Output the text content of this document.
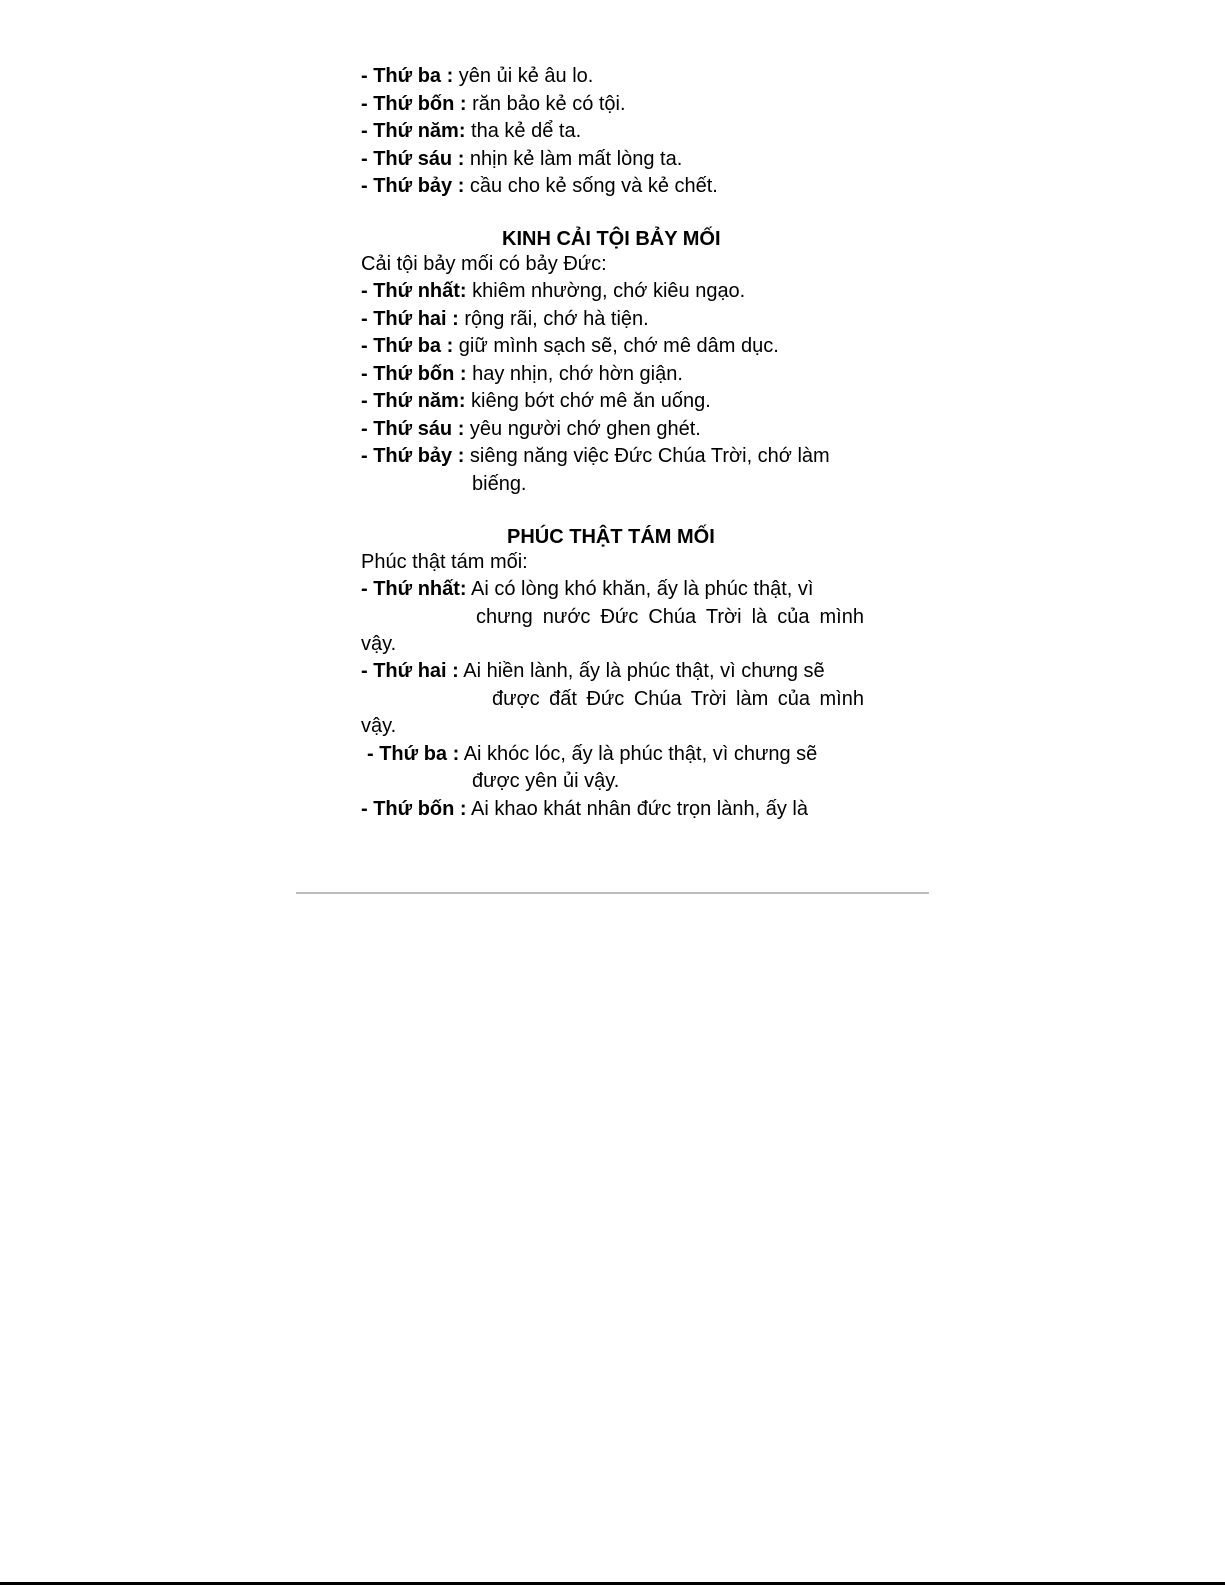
- Thứ ba : yên ủi kẻ âu lo.
- Thứ bốn : răn bảo kẻ có tội.
- Thứ năm: tha kẻ dể ta.
- Thứ sáu : nhịn kẻ làm mất lòng ta.
- Thứ bảy : cầu cho kẻ sống và kẻ chết.
KINH CẢI TỘI BẢY MỐI
Cải tội bảy mối có bảy Đức:
- Thứ nhất: khiêm nhường, chớ kiêu ngạo.
- Thứ hai : rộng rãi, chớ hà tiện.
- Thứ ba : giữ mình sạch sẽ, chớ mê dâm dục.
- Thứ bốn : hay nhịn, chớ hờn giận.
- Thứ năm: kiêng bớt chớ mê ăn uống.
- Thứ sáu : yêu người chớ ghen ghét.
- Thứ bảy : siêng năng việc Đức Chúa Trời, chớ làm
biếng.
PHÚC THẬT TÁM MỐI
Phúc thật tám mối:
- Thứ nhất: Ai có lòng khó khăn, ấy là phúc thật, vì
chưng nước Đức Chúa Trời là của mình
vậy.
- Thứ hai : Ai hiền lành, ấy là phúc thật, vì chưng sẽ
được đất Đức Chúa Trời làm của mình
vậy.
- Thứ ba : Ai khóc lóc, ấy là phúc thật, vì chưng sẽ
được yên ủi vậy.
- Thứ bốn : Ai khao khát nhân đức trọn lành, ấy là
